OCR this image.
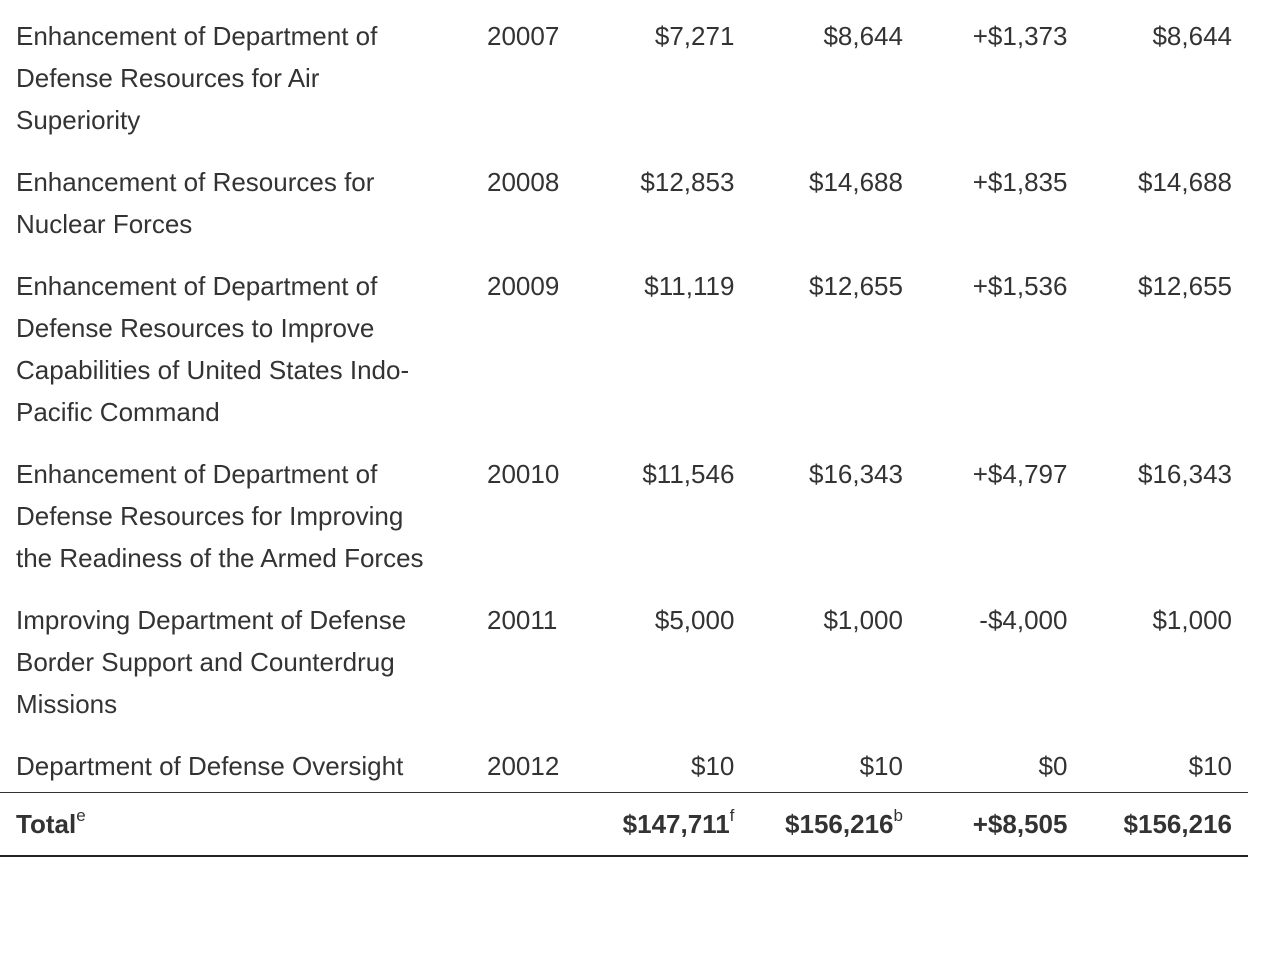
Enhancement of Department of Defense Resources for Air Superiority	20007	$7,271	$8,644	+$1,373	$8,644
Enhancement of Resources for Nuclear Forces	20008	$12,853	$14,688	+$1,835	$14,688
Enhancement of Department of Defense Resources to Improve Capabilities of United States Indo-Pacific Command	20009	$11,119	$12,655	+$1,536	$12,655
Enhancement of Department of Defense Resources for Improving the Readiness of the Armed Forces	20010	$11,546	$16,343	+$4,797	$16,343
Improving Department of Defense Border Support and Counterdrug Missions	20011	$5,000	$1,000	-$4,000	$1,000
Department of Defense Oversight	20012	$10	$10	$0	$10
Total$^e$		$147,711$^f$	$156,216$^b$	+$8,505	$156,216
